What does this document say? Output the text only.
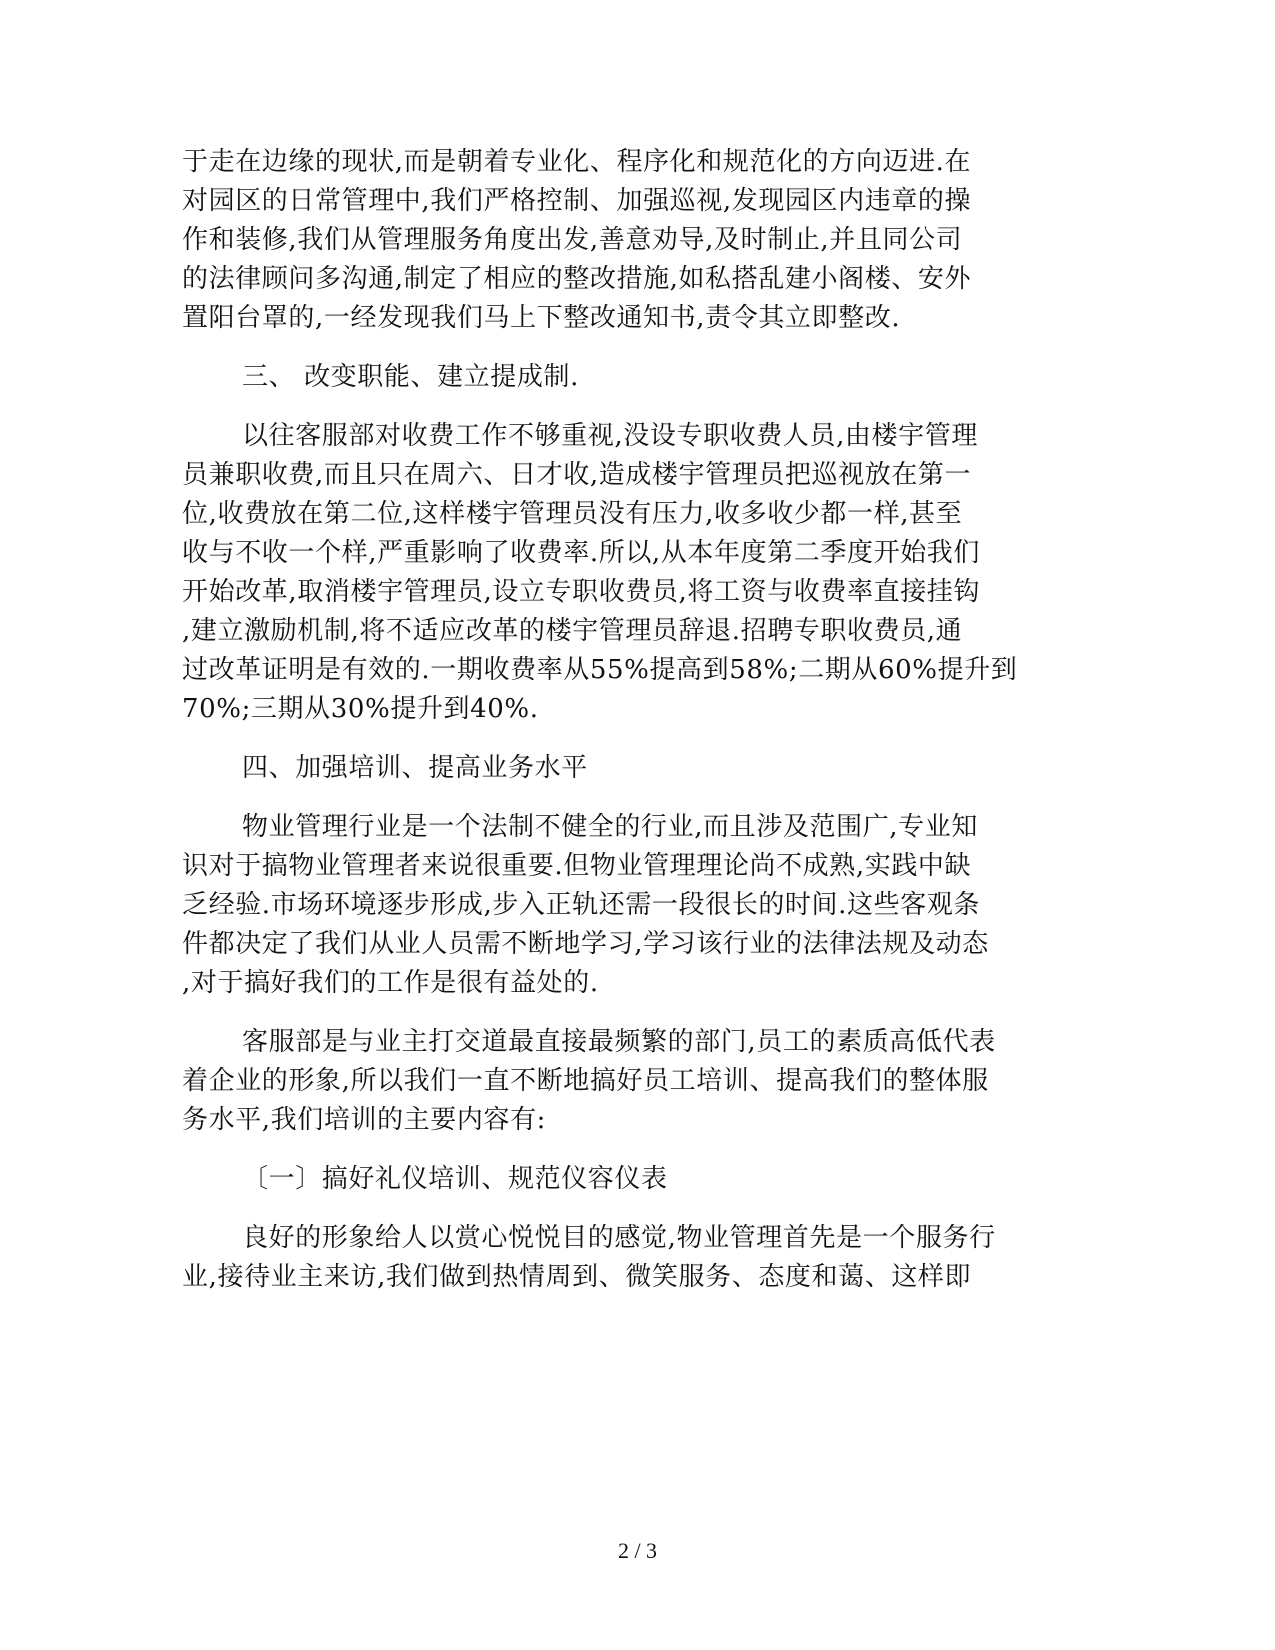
于走在边缘的现状,而是朝着专业化、程序化和规范化的方向迈进.在
对园区的日常管理中,我们严格控制、加强巡视,发现园区内违章的操
作和装修,我们从管理服务角度出发,善意劝导,及时制止,并且同公司
的法律顾问多沟通,制定了相应的整改措施,如私搭乱建小阁楼、安外
置阳台罩的,一经发现我们马上下整改通知书,责令其立即整改.
三、 改变职能、建立提成制.
以往客服部对收费工作不够重视,没设专职收费人员,由楼宇管理
员兼职收费,而且只在周六、日才收,造成楼宇管理员把巡视放在第一
位,收费放在第二位,这样楼宇管理员没有压力,收多收少都一样,甚至
收与不收一个样,严重影响了收费率.所以,从本年度第二季度开始我们
开始改革,取消楼宇管理员,设立专职收费员,将工资与收费率直接挂钩
,建立激励机制,将不适应改革的楼宇管理员辞退.招聘专职收费员,通
过改革证明是有效的.一期收费率从55%提高到58%;二期从60%提升到
70%;三期从30%提升到40%.
四、加强培训、提高业务水平
物业管理行业是一个法制不健全的行业,而且涉及范围广,专业知
识对于搞物业管理者来说很重要.但物业管理理论尚不成熟,实践中缺
乏经验.市场环境逐步形成,步入正轨还需一段很长的时间.这些客观条
件都决定了我们从业人员需不断地学习,学习该行业的法律法规及动态
,对于搞好我们的工作是很有益处的.
客服部是与业主打交道最直接最频繁的部门,员工的素质高低代表
着企业的形象,所以我们一直不断地搞好员工培训、提高我们的整体服
务水平,我们培训的主要内容有:
〔一〕搞好礼仪培训、规范仪容仪表
良好的形象给人以赏心悦悦目的感觉,物业管理首先是一个服务行
业,接待业主来访,我们做到热情周到、微笑服务、态度和蔼、这样即
2 / 3
